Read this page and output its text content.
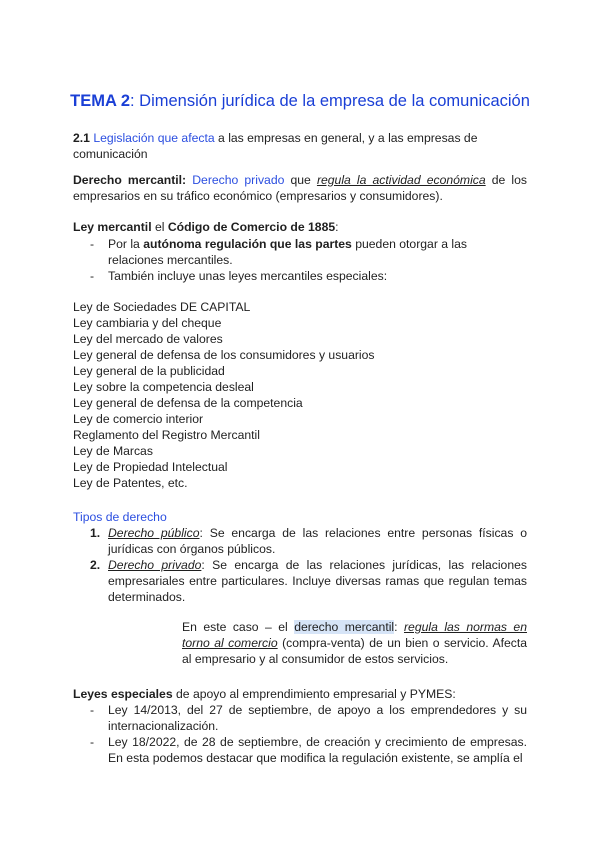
TEMA 2: Dimensión jurídica de la empresa de la comunicación

2.1 Legislación que afecta a las empresas en general, y a las empresas de comunicación

Derecho mercantil: Derecho privado que regula la actividad económica de los empresarios en su tráfico económico (empresarios y consumidores).

Ley mercantil el Código de Comercio de 1885:

- Por la autónoma regulación que las partes pueden otorgar a las relaciones mercantiles.
- También incluye unas leyes mercantiles especiales:
Ley de Sociedades DE CAPITAL
Ley cambiaria y del cheque
Ley del mercado de valores
Ley general de defensa de los consumidores y usuarios
Ley general de la publicidad
Ley sobre la competencia desleal
Ley general de defensa de la competencia
Ley de comercio interior
Reglamento del Registro Mercantil
Ley de Marcas
Ley de Propiedad Intelectual
Ley de Patentes, etc.

Tipos de derecho

1. Derecho público: Se encarga de las relaciones entre personas físicas o jurídicas con órganos públicos.
2. Derecho privado: Se encarga de las relaciones jurídicas, las relaciones empresariales entre particulares. Incluye diversas ramas que regulan temas determinados.
En este caso – el derecho mercantil: regula las normas en torno al comercio (compra-venta) de un bien o servicio. Afecta al empresario y al consumidor de estos servicios.

Leyes especiales de apoyo al emprendimiento empresarial y PYMES:

- Ley 14/2013, del 27 de septiembre, de apoyo a los emprendedores y su internacionalización.
- Ley 18/2022, de 28 de septiembre, de creación y crecimiento de empresas. En esta podemos destacar que modifica la regulación existente, se amplía el
